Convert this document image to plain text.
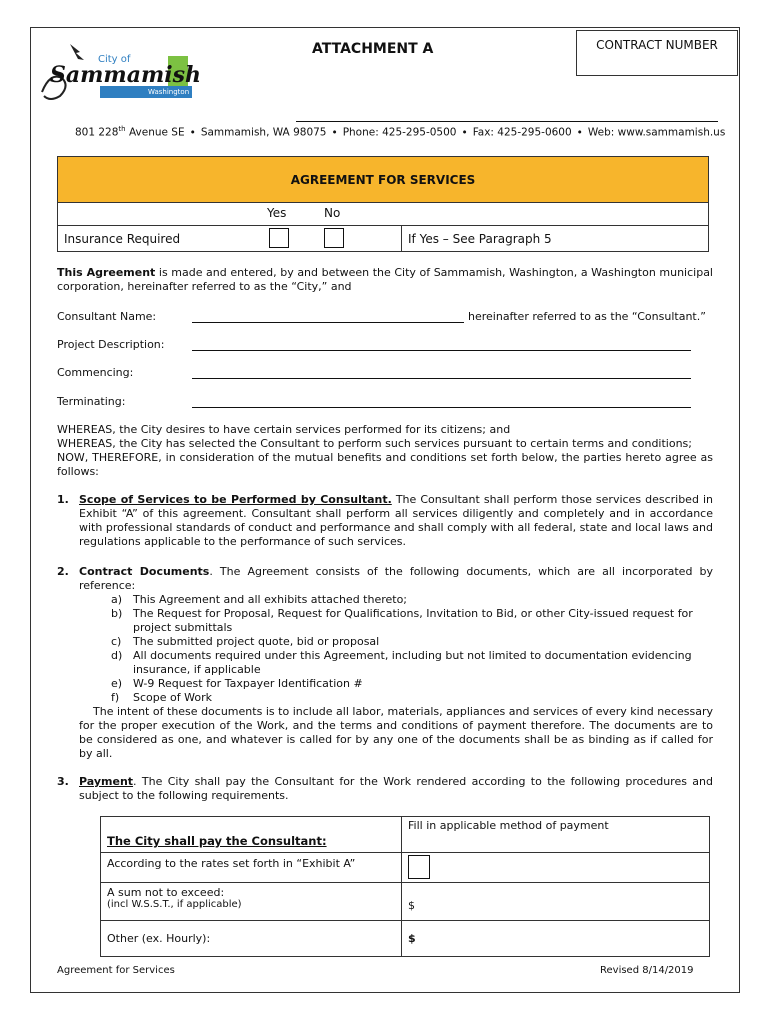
City of
Sammamish
Washington
ATTACHMENT A	CONTRACT NUMBER
801 228th Avenue SE • Sammamish, WA 98075 • Phone: 425-295-0500 • Fax: 425-295-0600 • Web: www.sammamish.us
AGREEMENT FOR SERVICES
Yes	No
Insurance Required	If Yes – See Paragraph 5
This Agreement is made and entered, by and between the City of Sammamish, Washington, a Washington municipal corporation, hereinafter referred to as the “City,” and
Consultant Name:	hereinafter referred to as the “Consultant.”
Project Description:
Commencing:
Terminating:
WHEREAS, the City desires to have certain services performed for its citizens; and
WHEREAS, the City has selected the Consultant to perform such services pursuant to certain terms and conditions;
NOW, THEREFORE, in consideration of the mutual benefits and conditions set forth below, the parties hereto agree as follows:
1. Scope of Services to be Performed by Consultant. The Consultant shall perform those services described in Exhibit “A” of this agreement. Consultant shall perform all services diligently and completely and in accordance with professional standards of conduct and performance and shall comply with all federal, state and local laws and regulations applicable to the performance of such services.
2. Contract Documents. The Agreement consists of the following documents, which are all incorporated by reference:
a) This Agreement and all exhibits attached thereto;
b) The Request for Proposal, Request for Qualifications, Invitation to Bid, or other City-issued request for project submittals
c) The submitted project quote, bid or proposal
d) All documents required under this Agreement, including but not limited to documentation evidencing insurance, if applicable
e) W-9 Request for Taxpayer Identification #
f) Scope of Work
The intent of these documents is to include all labor, materials, appliances and services of every kind necessary for the proper execution of the Work, and the terms and conditions of payment therefore. The documents are to be considered as one, and whatever is called for by any one of the documents shall be as binding as if called for by all.
3. Payment. The City shall pay the Consultant for the Work rendered according to the following procedures and subject to the following requirements.
The City shall pay the Consultant:	Fill in applicable method of payment
According to the rates set forth in “Exhibit A”	

A sum not to exceed:
(incl W.S.S.T., if applicable)	$
Other (ex. Hourly):	$
Agreement for Services	Revised 8/14/2019
